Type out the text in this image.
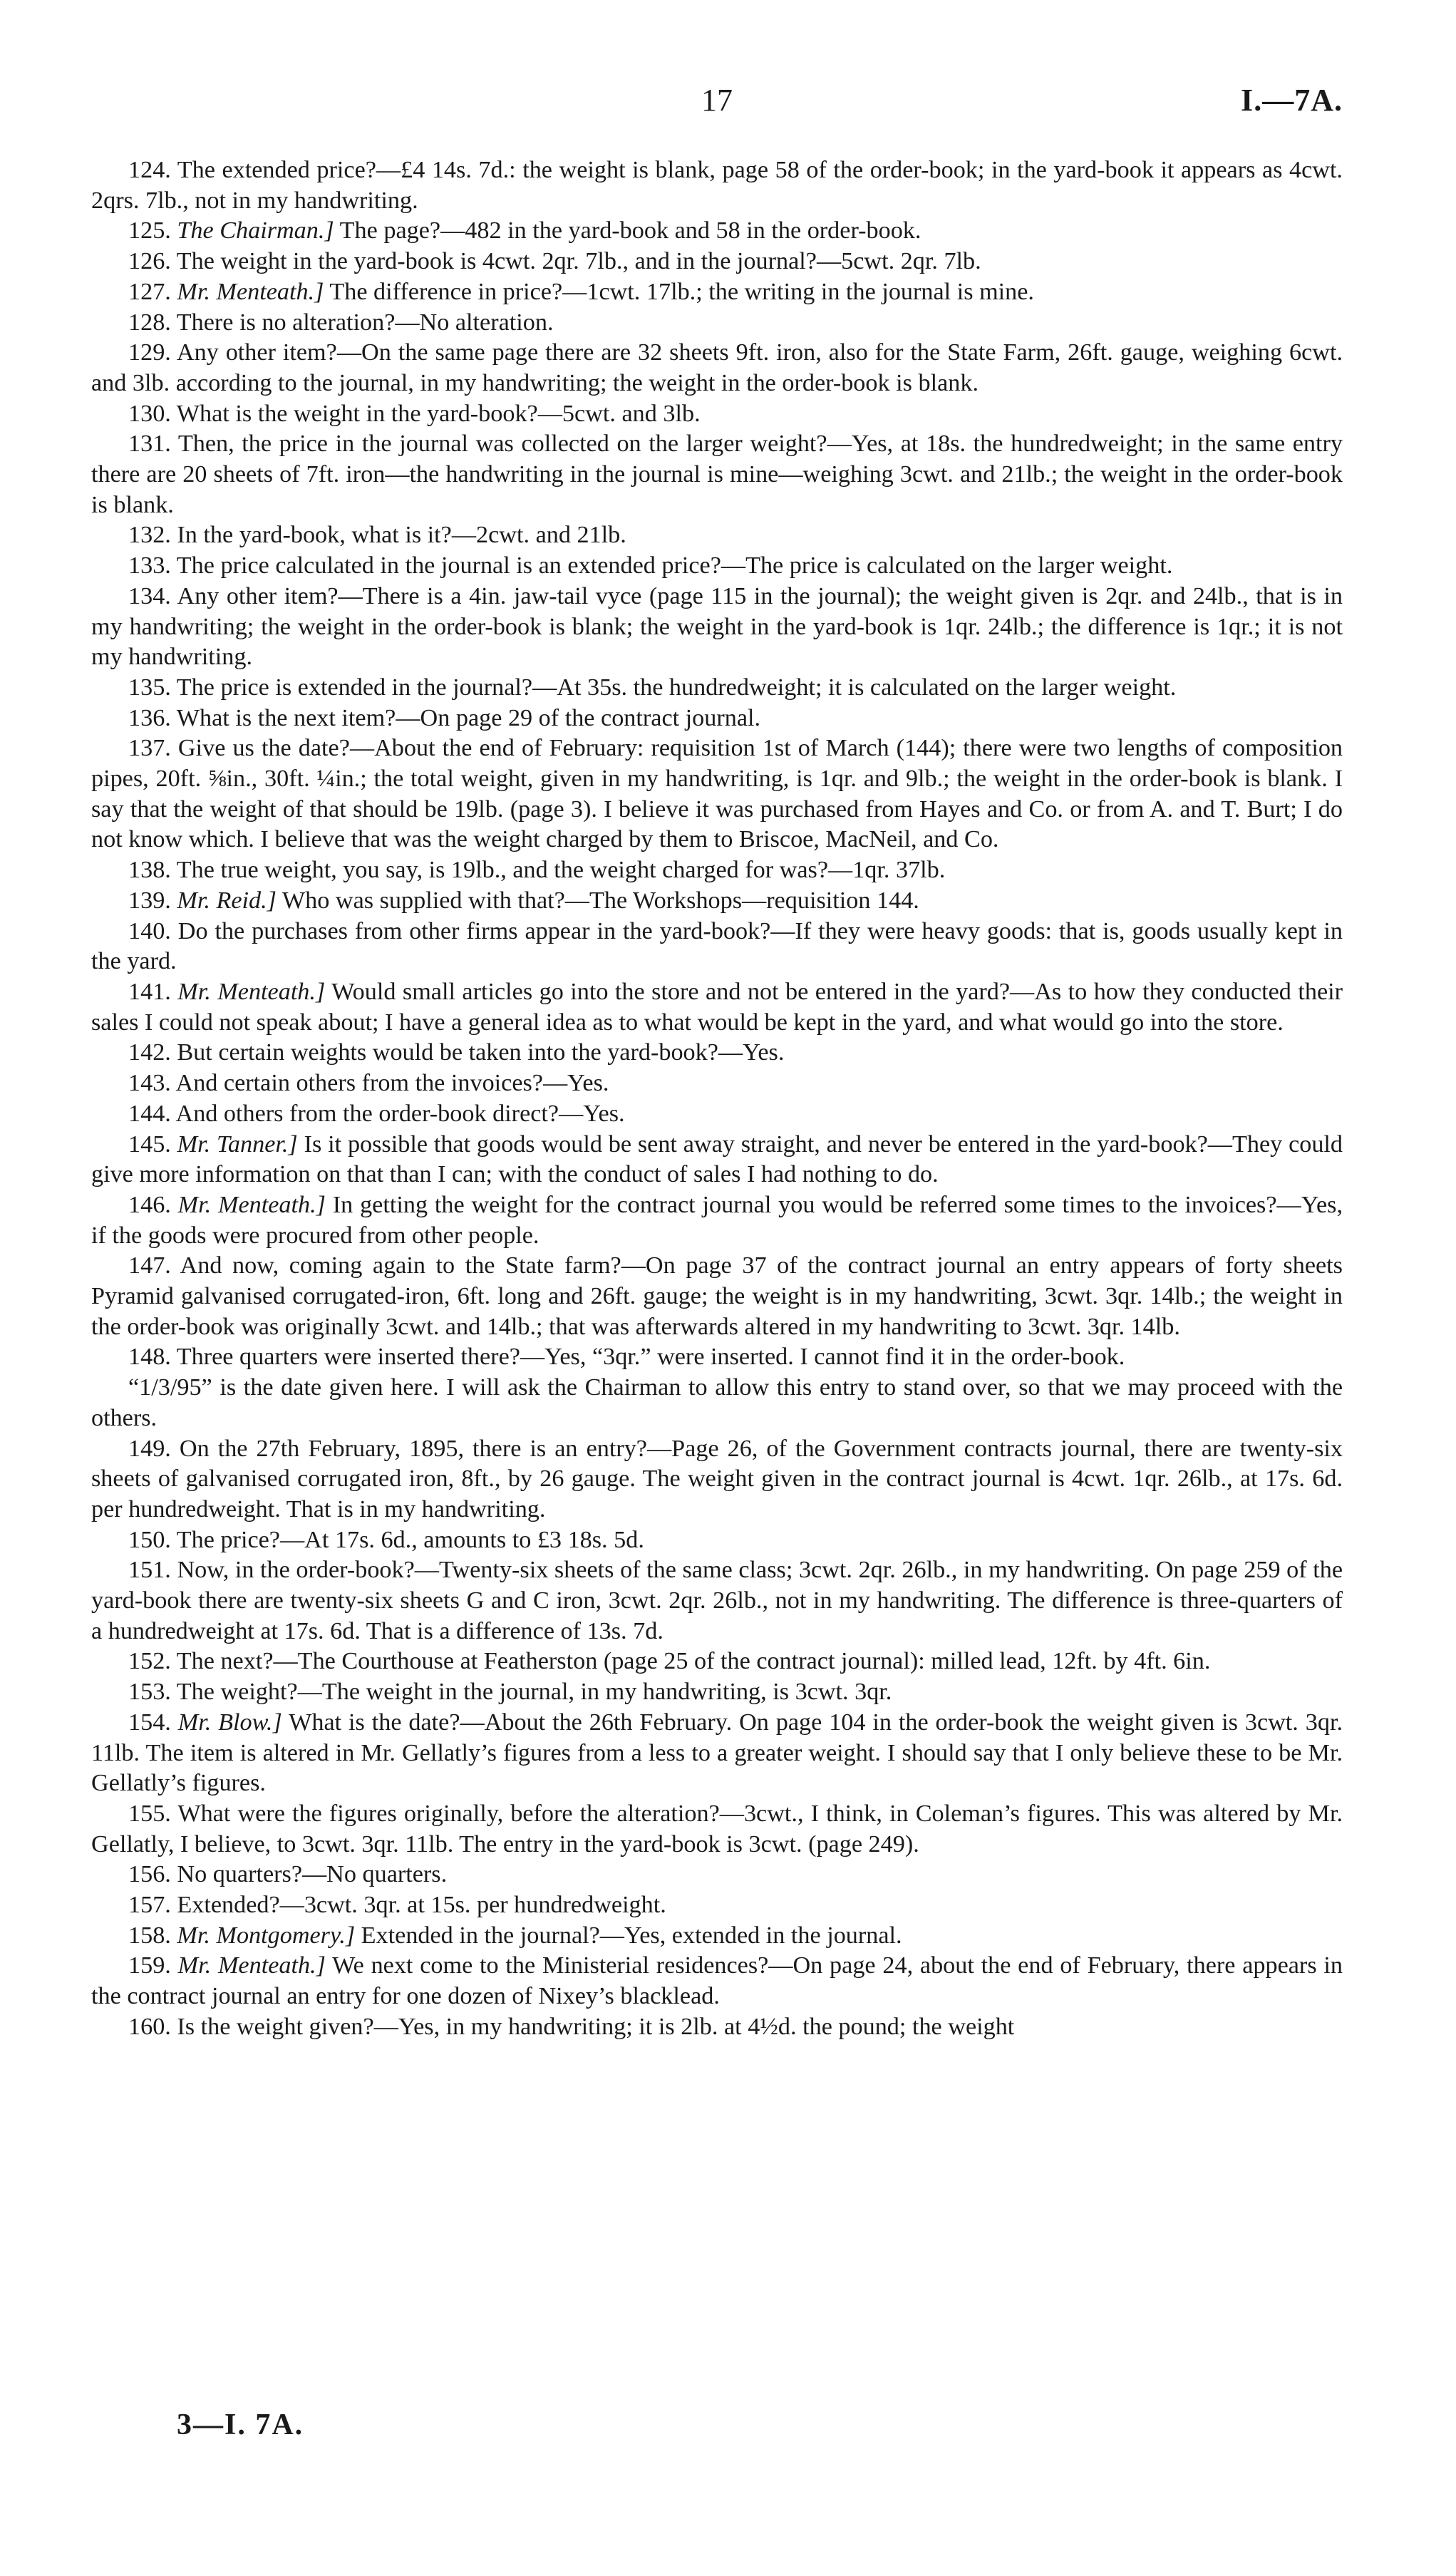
17	I.—7A.

124. The extended price?—£4 14s. 7d.: the weight is blank, page 58 of the order-book; in the yard-book it appears as 4cwt. 2qrs. 7lb., not in my handwriting.

125. The Chairman.] The page?—482 in the yard-book and 58 in the order-book.

126. The weight in the yard-book is 4cwt. 2qr. 7lb., and in the journal?—5cwt. 2qr. 7lb.

127. Mr. Menteath.] The difference in price?—1cwt. 17lb.; the writing in the journal is mine.

128. There is no alteration?—No alteration.

129. Any other item?—On the same page there are 32 sheets 9ft. iron, also for the State Farm, 26ft. gauge, weighing 6cwt. and 3lb. according to the journal, in my handwriting; the weight in the order-book is blank.

130. What is the weight in the yard-book?—5cwt. and 3lb.

131. Then, the price in the journal was collected on the larger weight?—Yes, at 18s. the hundredweight; in the same entry there are 20 sheets of 7ft. iron—the handwriting in the journal is mine—weighing 3cwt. and 21lb.; the weight in the order-book is blank.

132. In the yard-book, what is it?—2cwt. and 21lb.

133. The price calculated in the journal is an extended price?—The price is calculated on the larger weight.

134. Any other item?—There is a 4in. jaw-tail vyce (page 115 in the journal); the weight given is 2qr. and 24lb., that is in my handwriting; the weight in the order-book is blank; the weight in the yard-book is 1qr. 24lb.; the difference is 1qr.; it is not my handwriting.

135. The price is extended in the journal?—At 35s. the hundredweight; it is calculated on the larger weight.

136. What is the next item?—On page 29 of the contract journal.

137. Give us the date?—About the end of February: requisition 1st of March (144); there were two lengths of composition pipes, 20ft. ⅝in., 30ft. ¼in.; the total weight, given in my handwriting, is 1qr. and 9lb.; the weight in the order-book is blank. I say that the weight of that should be 19lb. (page 3). I believe it was purchased from Hayes and Co. or from A. and T. Burt; I do not know which. I believe that was the weight charged by them to Briscoe, MacNeil, and Co.

138. The true weight, you say, is 19lb., and the weight charged for was?—1qr. 37lb.

139. Mr. Reid.] Who was supplied with that?—The Workshops—requisition 144.

140. Do the purchases from other firms appear in the yard-book?—If they were heavy goods: that is, goods usually kept in the yard.

141. Mr. Menteath.] Would small articles go into the store and not be entered in the yard?—As to how they conducted their sales I could not speak about; I have a general idea as to what would be kept in the yard, and what would go into the store.

142. But certain weights would be taken into the yard-book?—Yes.

143. And certain others from the invoices?—Yes.

144. And others from the order-book direct?—Yes.

145. Mr. Tanner.] Is it possible that goods would be sent away straight, and never be entered in the yard-book?—They could give more information on that than I can; with the conduct of sales I had nothing to do.

146. Mr. Menteath.] In getting the weight for the contract journal you would be referred some times to the invoices?—Yes, if the goods were procured from other people.

147. And now, coming again to the State farm?—On page 37 of the contract journal an entry appears of forty sheets Pyramid galvanised corrugated-iron, 6ft. long and 26ft. gauge; the weight is in my handwriting, 3cwt. 3qr. 14lb.; the weight in the order-book was originally 3cwt. and 14lb.; that was afterwards altered in my handwriting to 3cwt. 3qr. 14lb.

148. Three quarters were inserted there?—Yes, “3qr.” were inserted. I cannot find it in the order-book.

“1/3/95” is the date given here. I will ask the Chairman to allow this entry to stand over, so that we may proceed with the others.

149. On the 27th February, 1895, there is an entry?—Page 26, of the Government contracts journal, there are twenty-six sheets of galvanised corrugated iron, 8ft., by 26 gauge. The weight given in the contract journal is 4cwt. 1qr. 26lb., at 17s. 6d. per hundredweight. That is in my handwriting.

150. The price?—At 17s. 6d., amounts to £3 18s. 5d.

151. Now, in the order-book?—Twenty-six sheets of the same class; 3cwt. 2qr. 26lb., in my handwriting. On page 259 of the yard-book there are twenty-six sheets G and C iron, 3cwt. 2qr. 26lb., not in my handwriting. The difference is three-quarters of a hundredweight at 17s. 6d. That is a difference of 13s. 7d.

152. The next?—The Courthouse at Featherston (page 25 of the contract journal): milled lead, 12ft. by 4ft. 6in.

153. The weight?—The weight in the journal, in my handwriting, is 3cwt. 3qr.

154. Mr. Blow.] What is the date?—About the 26th February. On page 104 in the order-book the weight given is 3cwt. 3qr. 11lb. The item is altered in Mr. Gellatly’s figures from a less to a greater weight. I should say that I only believe these to be Mr. Gellatly’s figures.

155. What were the figures originally, before the alteration?—3cwt., I think, in Coleman’s figures. This was altered by Mr. Gellatly, I believe, to 3cwt. 3qr. 11lb. The entry in the yard-book is 3cwt. (page 249).

156. No quarters?—No quarters.

157. Extended?—3cwt. 3qr. at 15s. per hundredweight.

158. Mr. Montgomery.] Extended in the journal?—Yes, extended in the journal.

159. Mr. Menteath.] We next come to the Ministerial residences?—On page 24, about the end of February, there appears in the contract journal an entry for one dozen of Nixey’s blacklead.

160. Is the weight given?—Yes, in my handwriting; it is 2lb. at 4½d. the pound; the weight

3—I. 7A.
